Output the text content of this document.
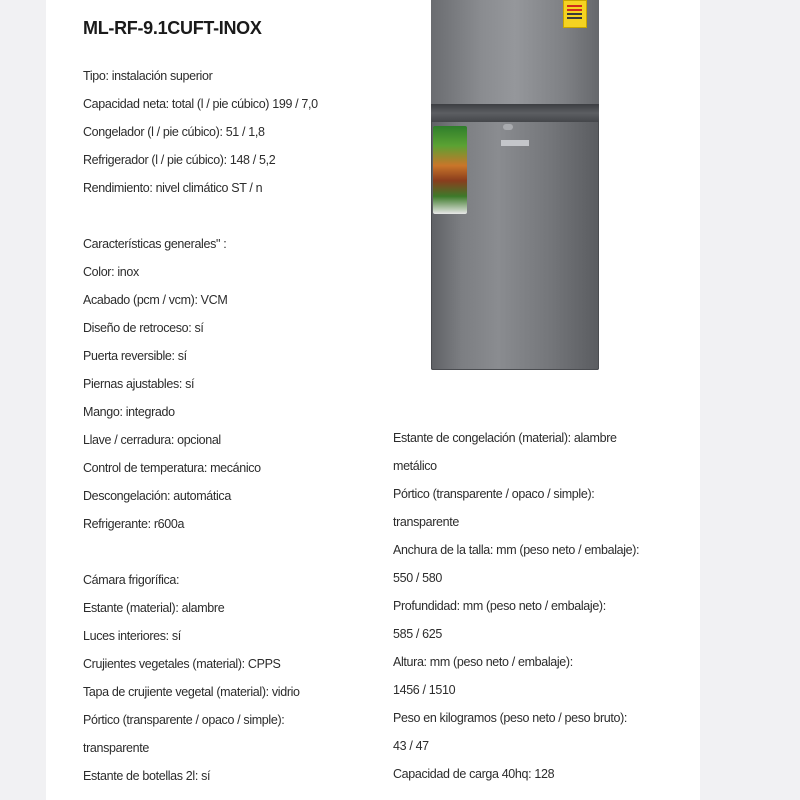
ML-RF-9.1CUFT-INOX
Tipo: instalación superior
Capacidad neta: total (l / pie cúbico) 199 / 7,0
Congelador (l / pie cúbico): 51 / 1,8
Refrigerador (l / pie cúbico): 148 / 5,2
Rendimiento: nivel climático ST / n
Características generales" :
Color: inox
Acabado (pcm / vcm): VCM
Diseño de retroceso: sí
Puerta reversible: sí
Piernas ajustables: sí
Mango: integrado
Llave / cerradura: opcional
Control de temperatura: mecánico
Descongelación: automática
Refrigerante: r600a
Cámara frigorífica:
Estante (material): alambre
Luces interiores: sí
Crujientes vegetales (material): CPPS
Tapa de crujiente vegetal (material): vidrio
Pórtico (transparente / opaco / simple):
transparente
Estante de botellas 2l: sí
Estante de congelación (material): alambre
metálico
Pórtico (transparente / opaco / simple):
transparente
Anchura de la talla: mm (peso neto / embalaje):
550 / 580
Profundidad: mm (peso neto / embalaje):
585 / 625
Altura: mm (peso neto / embalaje):
1456 / 1510
Peso en kilogramos (peso neto / peso bruto):
43 / 47
Capacidad de carga 40hq: 128
